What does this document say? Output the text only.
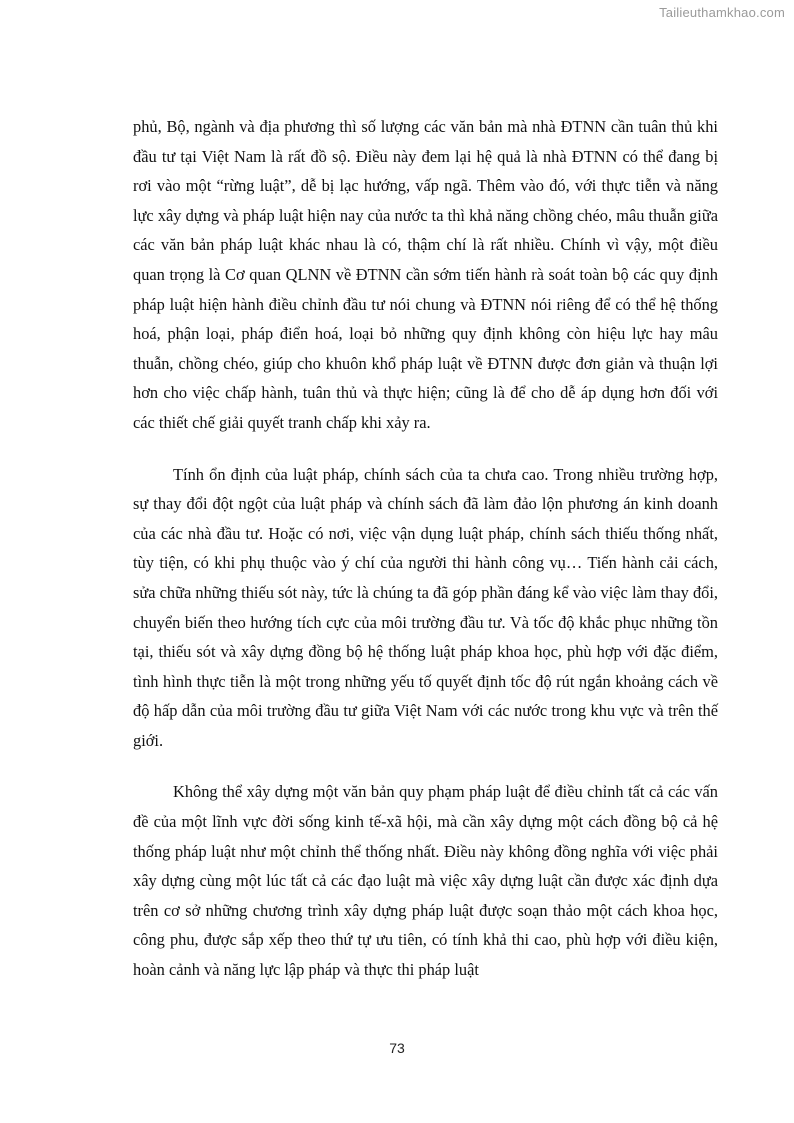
Tailieuthamkhao.com

phủ, Bộ, ngành và địa phương thì số lượng các văn bản mà nhà ĐTNN cần tuân thủ khi đầu tư tại Việt Nam là rất đồ sộ. Điều này đem lại hệ quả là nhà ĐTNN có thể đang bị rơi vào một “rừng luật”, dễ bị lạc hướng, vấp ngã. Thêm vào đó, với thực tiễn và năng lực xây dựng và pháp luật hiện nay của nước ta thì khả năng chồng chéo, mâu thuẫn giữa các văn bản pháp luật khác nhau là có, thậm chí là rất nhiều. Chính vì vậy, một điều quan trọng là Cơ quan QLNN về ĐTNN cần sớm tiến hành rà soát toàn bộ các quy định pháp luật hiện hành điều chỉnh đầu tư nói chung và ĐTNN nói riêng để có thể hệ thống hoá, phận loại, pháp điển hoá, loại bỏ những quy định không còn hiệu lực hay mâu thuẫn, chồng chéo, giúp cho khuôn khổ pháp luật về ĐTNN được đơn giản và thuận lợi hơn cho việc chấp hành, tuân thủ và thực hiện; cũng là để cho dễ áp dụng hơn đối với các thiết chế giải quyết tranh chấp khi xảy ra.

Tính ổn định của luật pháp, chính sách của ta chưa cao. Trong nhiều trường hợp, sự thay đổi đột ngột của luật pháp và chính sách đã làm đảo lộn phương án kinh doanh của các nhà đầu tư. Hoặc có nơi, việc vận dụng luật pháp, chính sách thiếu thống nhất, tùy tiện, có khi phụ thuộc vào ý chí của người thi hành công vụ… Tiến hành cải cách, sửa chữa những thiếu sót này, tức là chúng ta đã góp phần đáng kể vào việc làm thay đổi, chuyển biến theo hướng tích cực của môi trường đầu tư. Và tốc độ khắc phục những tồn tại, thiếu sót và xây dựng đồng bộ hệ thống luật pháp khoa học, phù hợp với đặc điểm, tình hình thực tiễn là một trong những yếu tố quyết định tốc độ rút ngắn khoảng cách về độ hấp dẫn của môi trường đầu tư giữa Việt Nam với các nước trong khu vực và trên thế giới.

Không thể xây dựng một văn bản quy phạm pháp luật để điều chỉnh tất cả các vấn đề của một lĩnh vực đời sống kinh tế-xã hội, mà cần xây dựng một cách đồng bộ cả hệ thống pháp luật như một chỉnh thể thống nhất. Điều này không đồng nghĩa với việc phải xây dựng cùng một lúc tất cả các đạo luật mà việc xây dựng luật cần được xác định dựa trên cơ sở những chương trình xây dựng pháp luật được soạn thảo một cách khoa học, công phu, được sắp xếp theo thứ tự ưu tiên, có tính khả thi cao, phù hợp với điều kiện, hoàn cảnh và năng lực lập pháp và thực thi pháp luật

73
